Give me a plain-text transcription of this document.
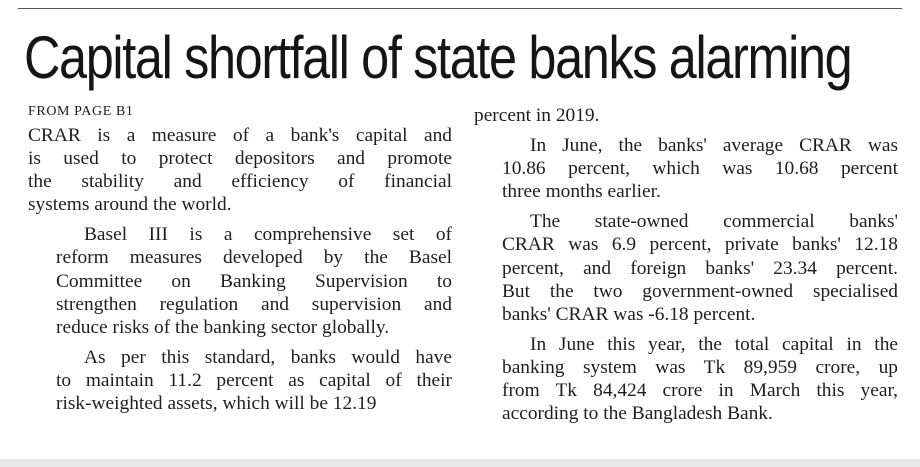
Capital shortfall of state banks alarming
FROM PAGE B1
CRAR is a measure of a bank's capital and
is used to protect depositors and promote
the stability and efficiency of financial
systems around the world.
Basel III is a comprehensive set of
reform measures developed by the Basel
Committee on Banking Supervision to
strengthen regulation and supervision and
reduce risks of the banking sector globally.
As per this standard, banks would have
to maintain 11.2 percent as capital of their
risk-weighted assets, which will be 12.19
percent in 2019.
In June, the banks' average CRAR was
10.86 percent, which was 10.68 percent
three months earlier.
The state-owned commercial banks'
CRAR was 6.9 percent, private banks' 12.18
percent, and foreign banks' 23.34 percent.
But the two government-owned specialised
banks' CRAR was -6.18 percent.
In June this year, the total capital in the
banking system was Tk 89,959 crore, up
from Tk 84,424 crore in March this year,
according to the Bangladesh Bank.
